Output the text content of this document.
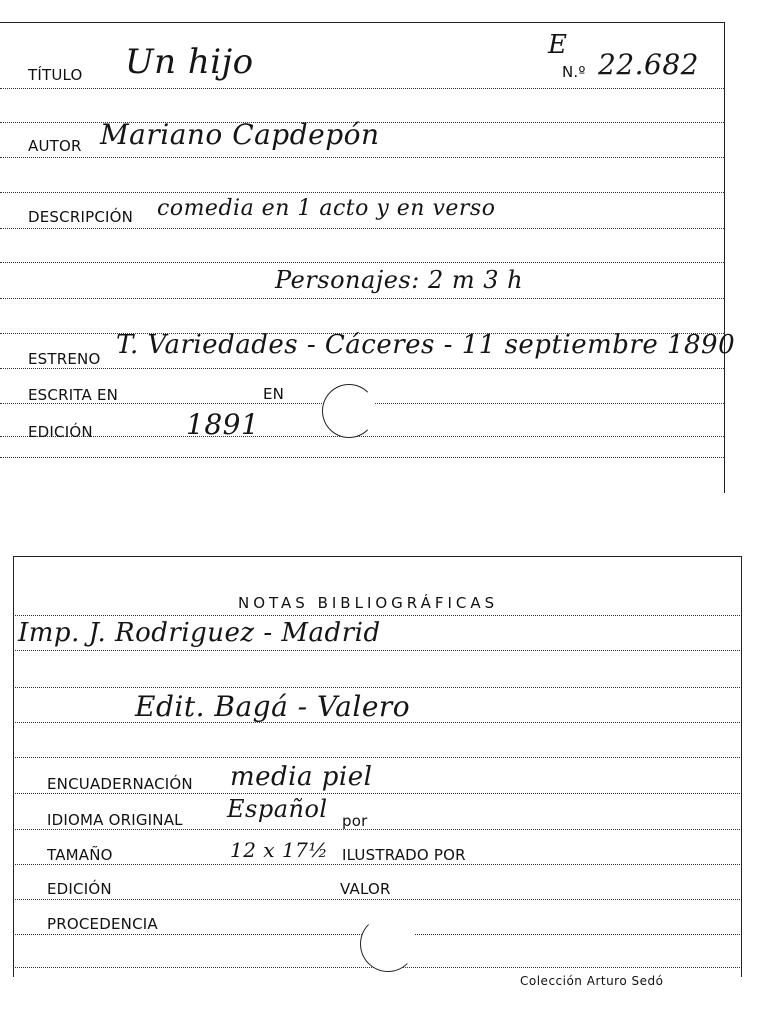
E
N.º 22.682
TÍTULO Un hijo
AUTOR Mariano Capdepón
DESCRIPCIÓN comedia en 1 acto y en verso
Personajes: 2 m 3 h
ESTRENO T. Variedades - Cáceres - 11 septiembre 1890
ESCRITA EN	EN
EDICIÓN	1891
NOTAS BIBLIOGRÁFICAS
Imp. J. Rodriguez - Madrid
Edit. Bagá - Valero
ENCUADERNACIÓN media piel
IDIOMA ORIGINAL Español por
TAMAÑO	12 x 17½ ILUSTRADO POR
EDICIÓN	VALOR
PROCEDENCIA
Colección Arturo Sedó
